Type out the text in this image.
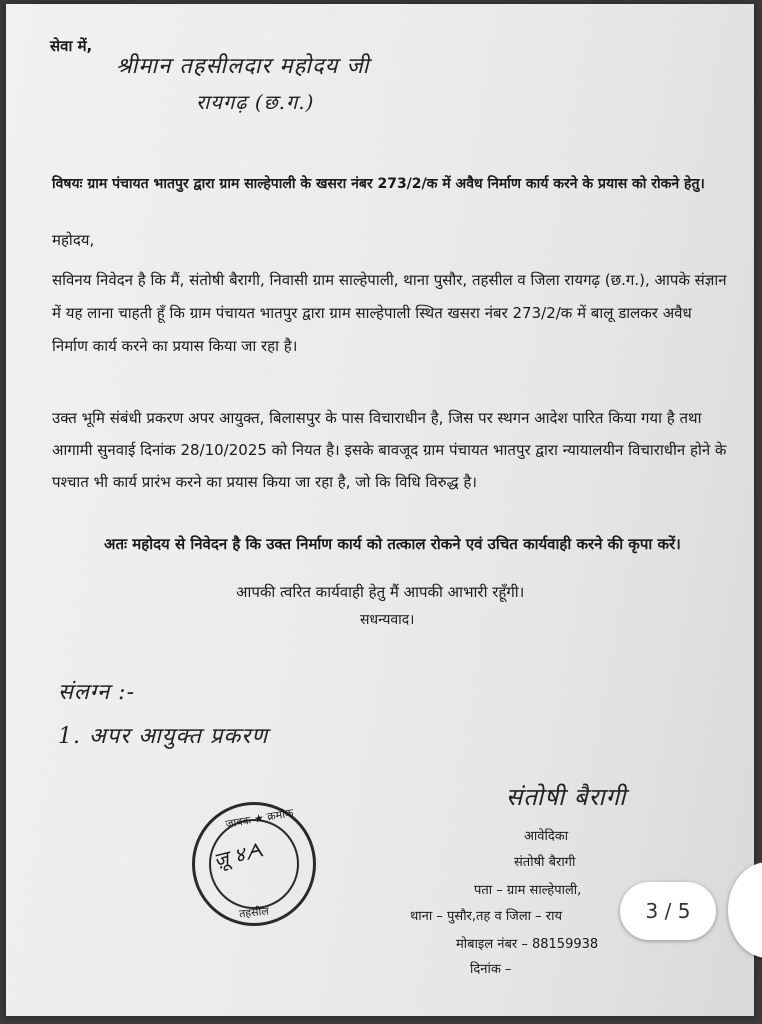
सेवा में,
श्रीमान तहसीलदार महोदय जी
रायगढ़ (छ.ग.)
विषयः ग्राम पंचायत भातपुर द्वारा ग्राम साल्हेपाली के खसरा नंबर 273/2/क में अवैध निर्माण कार्य करने के प्रयास को रोकने हेतु।
महोदय,
सविनय निवेदन है कि मैं, संतोषी बैरागी, निवासी ग्राम साल्हेपाली, थाना पुसौर, तहसील व जिला रायगढ़ (छ.ग.), आपके संज्ञान में यह लाना चाहती हूँ कि ग्राम पंचायत भातपुर द्वारा ग्राम साल्हेपाली स्थित खसरा नंबर 273/2/क में बालू डालकर अवैध निर्माण कार्य करने का प्रयास किया जा रहा है।
उक्त भूमि संबंधी प्रकरण अपर आयुक्त, बिलासपुर के पास विचाराधीन है, जिस पर स्थगन आदेश पारित किया गया है तथा आगामी सुनवाई दिनांक 28/10/2025 को नियत है। इसके बावजूद ग्राम पंचायत भातपुर द्वारा न्यायालयीन विचाराधीन होने के पश्चात भी कार्य प्रारंभ करने का प्रयास किया जा रहा है, जो कि विधि विरुद्ध है।
अतः महोदय से निवेदन है कि उक्त निर्माण कार्य को तत्काल रोकने एवं उचित कार्यवाही करने की कृपा करें।
आपकी त्वरित कार्यवाही हेतु मैं आपकी आभारी रहूँगी।
सधन्यवाद।
संलग्न :-
1. अपर आयुक्त प्रकरण
जावक ★ क्रमांक
ज़ू ४ᗅ
तहसील
संतोषी बैरागी
आवेदिका
संतोषी बैरागी
पता – ग्राम साल्हेपाली,
थाना – पुसौर,तह व जिला – राय
मोबाइल नंबर – 88159938
दिनांक –
3 / 5
